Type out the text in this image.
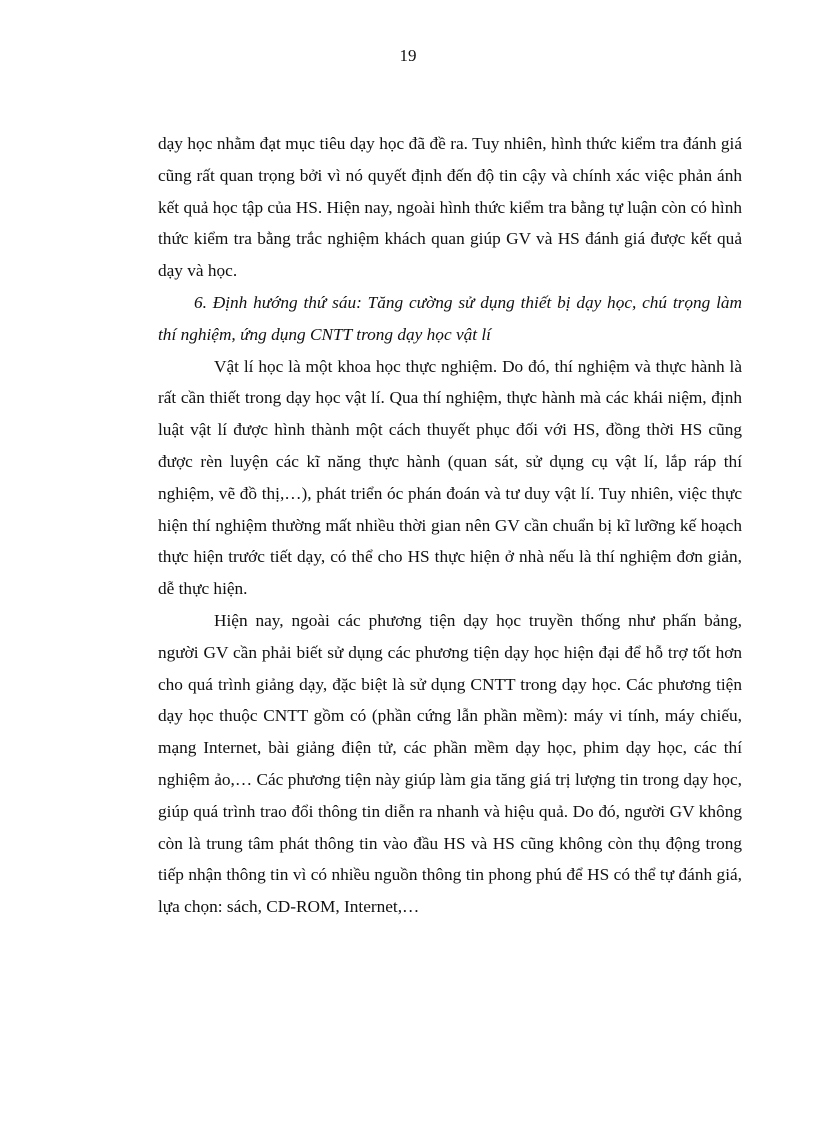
19

dạy học nhằm đạt mục tiêu dạy học đã đề ra. Tuy nhiên, hình thức kiểm tra đánh giá cũng rất quan trọng bởi vì nó quyết định đến độ tin cậy và chính xác việc phản ánh kết quả học tập của HS. Hiện nay, ngoài hình thức kiểm tra bằng tự luận còn có hình thức kiểm tra bằng trắc nghiệm khách quan giúp GV và HS đánh giá được kết quả dạy và học.

6. Định hướng thứ sáu: Tăng cường sử dụng thiết bị dạy học, chú trọng làm thí nghiệm, ứng dụng CNTT trong dạy học vật lí

Vật lí học là một khoa học thực nghiệm. Do đó, thí nghiệm và thực hành là rất cần thiết trong dạy học vật lí. Qua thí nghiệm, thực hành mà các khái niệm, định luật vật lí được hình thành một cách thuyết phục đối với HS, đồng thời HS cũng được rèn luyện các kĩ năng thực hành (quan sát, sử dụng cụ vật lí, lắp ráp thí nghiệm, vẽ đồ thị,…), phát triển óc phán đoán và tư duy vật lí. Tuy nhiên, việc thực hiện thí nghiệm thường mất nhiều thời gian nên GV cần chuẩn bị kĩ lưỡng kế hoạch thực hiện trước tiết dạy, có thể cho HS thực hiện ở nhà nếu là thí nghiệm đơn giản, dễ thực hiện.

Hiện nay, ngoài các phương tiện dạy học truyền thống như phấn bảng, người GV cần phải biết sử dụng các phương tiện dạy học hiện đại để hỗ trợ tốt hơn cho quá trình giảng dạy, đặc biệt là sử dụng CNTT trong dạy học. Các phương tiện dạy học thuộc CNTT gồm có (phần cứng lẫn phần mềm): máy vi tính, máy chiếu, mạng Internet, bài giảng điện tử, các phần mềm dạy học, phim dạy học, các thí nghiệm ảo,… Các phương tiện này giúp làm gia tăng giá trị lượng tin trong dạy học, giúp quá trình trao đổi thông tin diễn ra nhanh và hiệu quả. Do đó, người GV không còn là trung tâm phát thông tin vào đầu HS và HS cũng không còn thụ động trong tiếp nhận thông tin vì có nhiều nguồn thông tin phong phú để HS có thể tự đánh giá, lựa chọn: sách, CD-ROM, Internet,…
